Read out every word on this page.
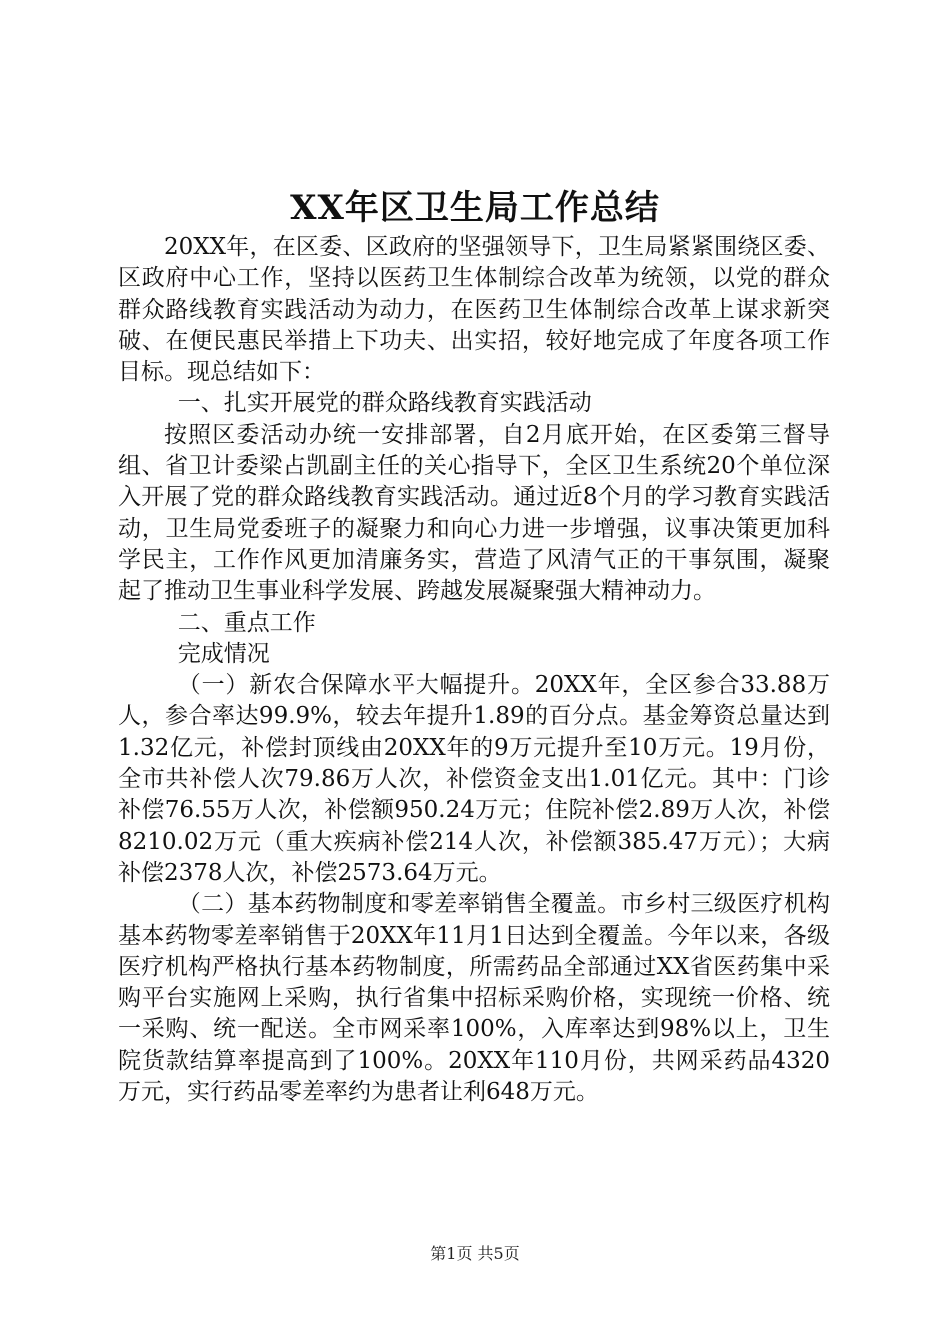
XX年区卫生局工作总结

20XX年，在区委、区政府的坚强领导下，卫生局紧紧围绕区委、区政府中心工作，坚持以医药卫生体制综合改革为统领，以党的群众群众路线教育实践活动为动力，在医药卫生体制综合改革上谋求新突破、在便民惠民举措上下功夫、出实招，较好地完成了年度各项工作目标。现总结如下：

一、扎实开展党的群众路线教育实践活动

按照区委活动办统一安排部署，自2月底开始，在区委第三督导组、省卫计委梁占凯副主任的关心指导下，全区卫生系统20个单位深入开展了党的群众路线教育实践活动。通过近8个月的学习教育实践活动，卫生局党委班子的凝聚力和向心力进一步增强，议事决策更加科学民主，工作作风更加清廉务实，营造了风清气正的干事氛围，凝聚起了推动卫生事业科学发展、跨越发展凝聚强大精神动力。

二、重点工作

完成情况

（一）新农合保障水平大幅提升。20XX年，全区参合33.88万人，参合率达99.9%，较去年提升1.89的百分点。基金筹资总量达到1.32亿元，补偿封顶线由20XX年的9万元提升至10万元。19月份，全市共补偿人次79.86万人次，补偿资金支出1.01亿元。其中：门诊补偿76.55万人次，补偿额950.24万元；住院补偿2.89万人次，补偿8210.02万元（重大疾病补偿214人次，补偿额385.47万元）；大病补偿2378人次，补偿2573.64万元。

（二）基本药物制度和零差率销售全覆盖。市乡村三级医疗机构基本药物零差率销售于20XX年11月1日达到全覆盖。今年以来，各级医疗机构严格执行基本药物制度，所需药品全部通过XX省医药集中采购平台实施网上采购，执行省集中招标采购价格，实现统一价格、统一采购、统一配送。全市网采率100%，入库率达到98%以上，卫生院货款结算率提高到了100%。20XX年110月份，共网采药品4320万元，实行药品零差率约为患者让利648万元。

第1页 共5页
